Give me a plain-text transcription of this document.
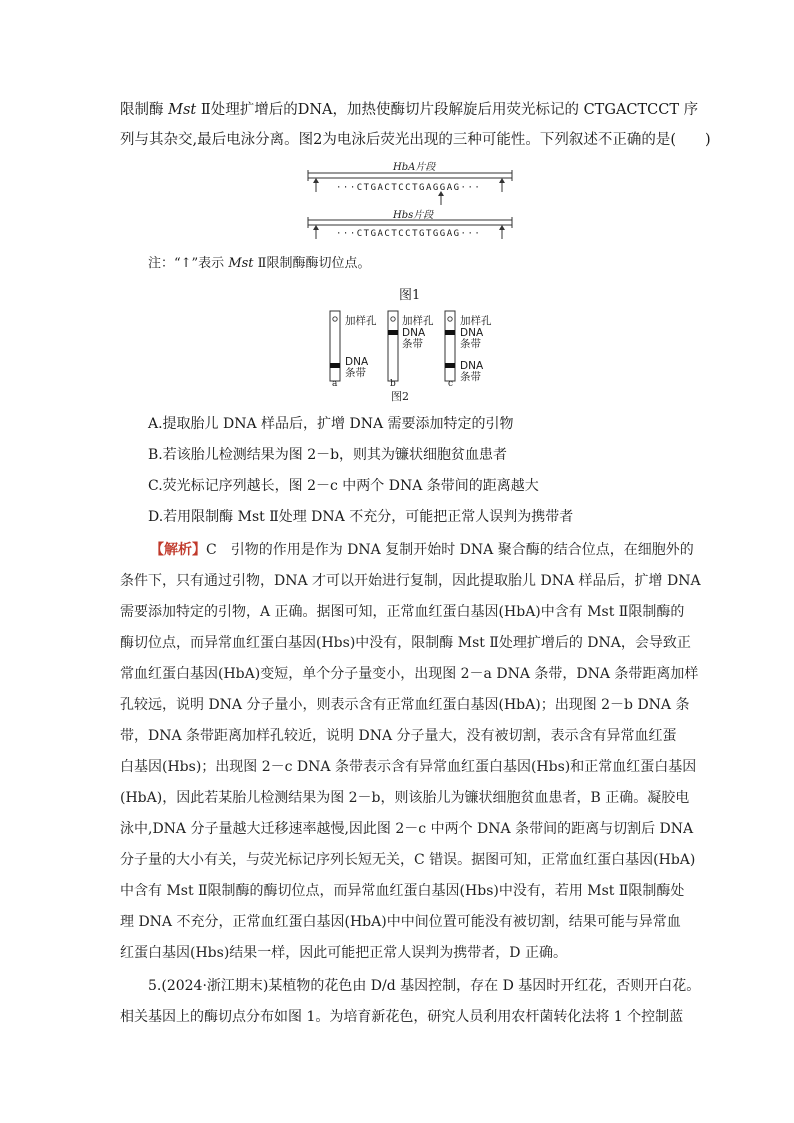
限制酶 Mst Ⅱ处理扩增后的DNA，加热使酶切片段解旋后用荧光标记的 CTGACTCCT 序
列与其杂交,最后电泳分离。图2为电泳后荧光出现的三种可能性。下列叙述不正确的是(　　)
HbA片段
···CTGACTCCTGAGGAG···
Hbs片段
···CTGACTCCTGTGGAG···
注：“↑”表示 Mst Ⅱ限制酶酶切位点。
图1
加样孔
DNA
条带
a
加样孔
DNA
条带
b
加样孔
DNA
条带
DNA
条带
c
图2
A.提取胎儿 DNA 样品后，扩增 DNA 需要添加特定的引物
B.若该胎儿检测结果为图 2－b，则其为镰状细胞贫血患者
C.荧光标记序列越长，图 2－c 中两个 DNA 条带间的距离越大
D.若用限制酶 Mst Ⅱ处理 DNA 不充分，可能把正常人误判为携带者
【解析】C　引物的作用是作为 DNA 复制开始时 DNA 聚合酶的结合位点，在细胞外的
条件下，只有通过引物，DNA 才可以开始进行复制，因此提取胎儿 DNA 样品后，扩增 DNA
需要添加特定的引物，A 正确。据图可知，正常血红蛋白基因(HbA)中含有 Mst Ⅱ限制酶的
酶切位点，而异常血红蛋白基因(Hbs)中没有，限制酶 Mst Ⅱ处理扩增后的 DNA，会导致正
常血红蛋白基因(HbA)变短，单个分子量变小，出现图 2－a DNA 条带，DNA 条带距离加样
孔较远，说明 DNA 分子量小，则表示含有正常血红蛋白基因(HbA)；出现图 2－b DNA 条
带，DNA 条带距离加样孔较近，说明 DNA 分子量大，没有被切割，表示含有异常血红蛋
白基因(Hbs)；出现图 2－c DNA 条带表示含有异常血红蛋白基因(Hbs)和正常血红蛋白基因
(HbA)，因此若某胎儿检测结果为图 2－b，则该胎儿为镰状细胞贫血患者，B 正确。凝胶电
泳中,DNA 分子量越大迁移速率越慢,因此图 2－c 中两个 DNA 条带间的距离与切割后 DNA
分子量的大小有关，与荧光标记序列长短无关，C 错误。据图可知，正常血红蛋白基因(HbA)
中含有 Mst Ⅱ限制酶的酶切位点，而异常血红蛋白基因(Hbs)中没有，若用 Mst Ⅱ限制酶处
理 DNA 不充分，正常血红蛋白基因(HbA)中中间位置可能没有被切割，结果可能与异常血
红蛋白基因(Hbs)结果一样，因此可能把正常人误判为携带者，D 正确。
5.(2024·浙江期末)某植物的花色由 D/d 基因控制，存在 D 基因时开红花，否则开白花。
相关基因上的酶切点分布如图 1。为培育新花色，研究人员利用农杆菌转化法将 1 个控制蓝
